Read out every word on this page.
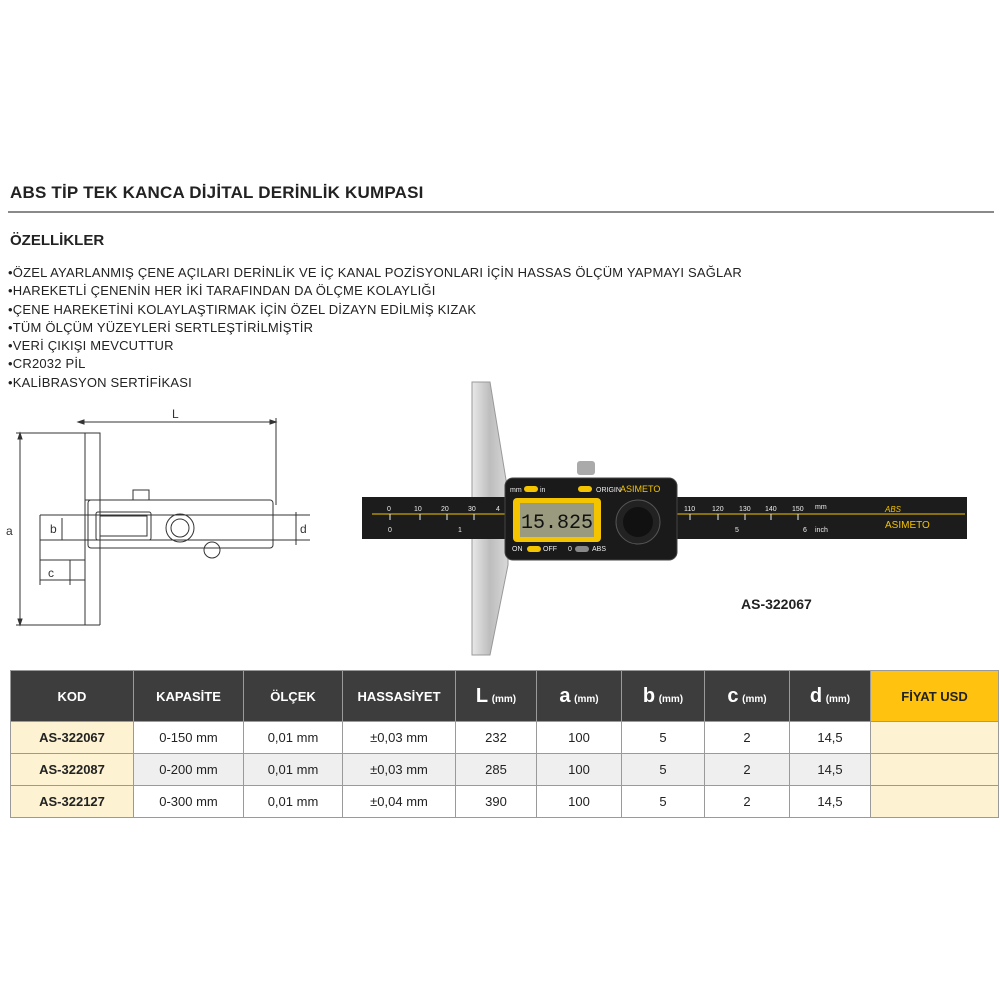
ABS TİP TEK KANCA DİJİTAL DERİNLİK KUMPASI
ÖZELLİKLER
• ÖZEL AYARLANMIŞ ÇENE AÇILARI DERİNLİK VE İÇ KANAL POZİSYONLARI İÇİN HASSAS ÖLÇÜM YAPMAYI SAĞLAR
• HAREKETLİ ÇENENİN HER İKİ TARAFINDAN DA ÖLÇME KOLAYLIĞI
• ÇENE HAREKETİNİ KOLAYLAŞTIRMAK İÇİN ÖZEL DİZAYN EDİLMİŞ KIZAK
• TÜM ÖLÇÜM YÜZEYLERİ SERTLEŞTİRİLMİŞTİR
• VERİ ÇIKIŞI MEVCUTTUR
• CR2032 PİL
• KALİBRASYON SERTİFİKASI
L
a	b
c
d
0	10	20	30	4	110 120 130 140 150 mm
0	1	5	6 inch
ABS
ASIMETO
15.825
mm	in	ORIGIN ASIMETO
ON	OFF 0	ABS
AS-322067
KOD	KAPASİTE	ÖLÇEK	HASSASİYET	L (mm)	a (mm)	b (mm)	c (mm)	d (mm)	FİYAT USD
AS-322067	0-150 mm	0,01 mm	±0,03 mm	232	100	5	2	14,5	
AS-322087	0-200 mm	0,01 mm	±0,03 mm	285	100	5	2	14,5	
AS-322127	0-300 mm	0,01 mm	±0,04 mm	390	100	5	2	14,5	
